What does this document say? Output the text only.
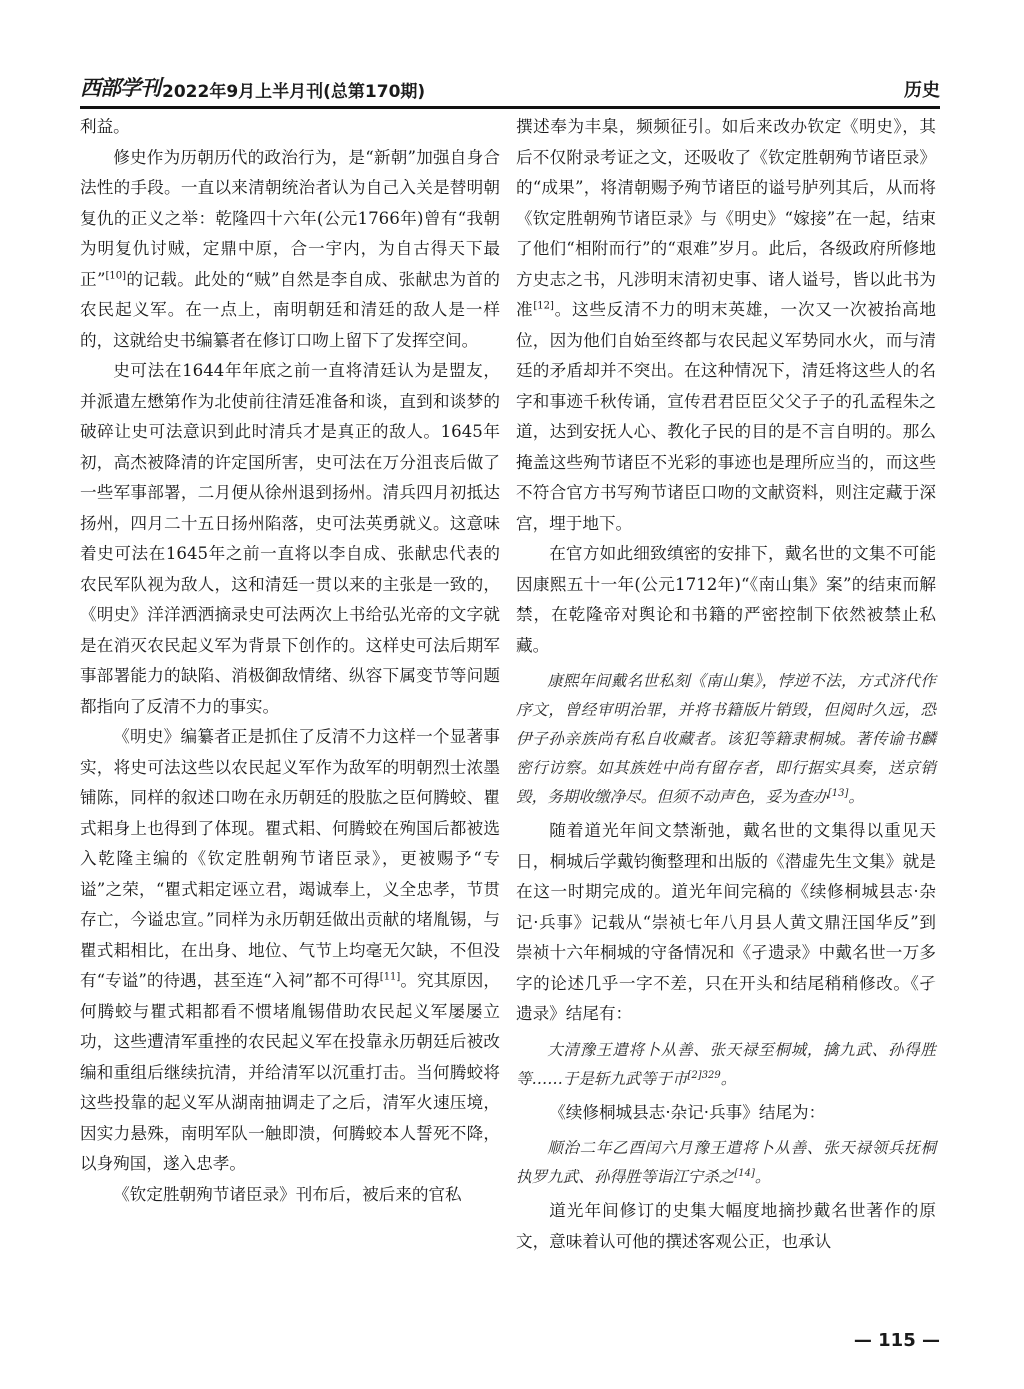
西部学刊 2022年9月上半月刊(总第170期)	历史

利益。

修史作为历朝历代的政治行为，是“新朝”加强自身合法性的手段。一直以来清朝统治者认为自己入关是替明朝复仇的正义之举：乾隆四十六年(公元1766年)曾有“我朝为明复仇讨贼，定鼎中原，合一宇内，为自古得天下最正”[10]的记载。此处的“贼”自然是李自成、张献忠为首的农民起义军。在一点上，南明朝廷和清廷的敌人是一样的，这就给史书编纂者在修订口吻上留下了发挥空间。

史可法在1644年年底之前一直将清廷认为是盟友，并派遣左懋第作为北使前往清廷准备和谈，直到和谈梦的破碎让史可法意识到此时清兵才是真正的敌人。1645年初，高杰被降清的许定国所害，史可法在万分沮丧后做了一些军事部署，二月便从徐州退到扬州。清兵四月初抵达扬州，四月二十五日扬州陷落，史可法英勇就义。这意味着史可法在1645年之前一直将以李自成、张献忠代表的农民军队视为敌人，这和清廷一贯以来的主张是一致的，《明史》洋洋洒洒摘录史可法两次上书给弘光帝的文字就是在消灭农民起义军为背景下创作的。这样史可法后期军事部署能力的缺陷、消极御敌情绪、纵容下属变节等问题都指向了反清不力的事实。

《明史》编纂者正是抓住了反清不力这样一个显著事实，将史可法这些以农民起义军作为敌军的明朝烈士浓墨铺陈，同样的叙述口吻在永历朝廷的股肱之臣何腾蛟、瞿式耜身上也得到了体现。瞿式耜、何腾蛟在殉国后都被选入乾隆主编的《钦定胜朝殉节诸臣录》，更被赐予“专谥”之荣，“瞿式耜定诬立君，竭诚奉上，义全忠孝，节贯存亡，今谥忠宣。”同样为永历朝廷做出贡献的堵胤锡，与瞿式耜相比，在出身、地位、气节上均毫无欠缺，不但没有“专谥”的待遇，甚至连“入祠”都不可得[11]。究其原因，何腾蛟与瞿式耜都看不惯堵胤锡借助农民起义军屡屡立功，这些遭清军重挫的农民起义军在投靠永历朝廷后被改编和重组后继续抗清，并给清军以沉重打击。当何腾蛟将这些投靠的起义军从湖南抽调走了之后，清军火速压境，因实力悬殊，南明军队一触即溃，何腾蛟本人誓死不降，以身殉国，遂入忠孝。

《钦定胜朝殉节诸臣录》刊布后，被后来的官私

撰述奉为丰臬，频频征引。如后来改办钦定《明史》，其后不仅附录考证之文，还吸收了《钦定胜朝殉节诸臣录》的“成果”，将清朝赐予殉节诸臣的谥号胪列其后，从而将《钦定胜朝殉节诸臣录》与《明史》“嫁接”在一起，结束了他们“相附而行”的“艰难”岁月。此后，各级政府所修地方史志之书，凡涉明末清初史事、诸人谥号，皆以此书为准[12]。这些反清不力的明末英雄，一次又一次被抬高地位，因为他们自始至终都与农民起义军势同水火，而与清廷的矛盾却并不突出。在这种情况下，清廷将这些人的名字和事迹千秋传诵，宣传君君臣臣父父子子的孔孟程朱之道，达到安抚人心、教化子民的目的是不言自明的。那么掩盖这些殉节诸臣不光彩的事迹也是理所应当的，而这些不符合官方书写殉节诸臣口吻的文献资料，则注定藏于深宫，埋于地下。

在官方如此细致缜密的安排下，戴名世的文集不可能因康熙五十一年(公元1712年)“《南山集》案”的结束而解禁，在乾隆帝对舆论和书籍的严密控制下依然被禁止私藏。

康熙年间戴名世私刻《南山集》，悖逆不法，方式济代作序文，曾经审明治罪，并将书籍版片销毁，但阅时久远，恐伊子孙亲族尚有私自收藏者。该犯等籍隶桐城。著传谕书麟密行访察。如其族姓中尚有留存者，即行据实具奏，送京销毁，务期收缴净尽。但须不动声色，妥为查办[13]。

随着道光年间文禁渐弛，戴名世的文集得以重见天日，桐城后学戴钧衡整理和出版的《潜虚先生文集》就是在这一时期完成的。道光年间完稿的《续修桐城县志·杂记·兵事》记载从“崇祯七年八月县人黄文鼎汪国华反”到崇祯十六年桐城的守备情况和《孑遗录》中戴名世一万多字的论述几乎一字不差，只在开头和结尾稍稍修改。《孑遗录》结尾有：

大清豫王遣将卜从善、张天禄至桐城，擒九武、孙得胜等……于是斩九武等于市$^{[2]329}$。

《续修桐城县志·杂记·兵事》结尾为：

顺治二年乙酉闰六月豫王遣将卜从善、张天禄领兵抚桐执罗九武、孙得胜等诣江宁杀之[14]。

道光年间修订的史集大幅度地摘抄戴名世著作的原文，意味着认可他的撰述客观公正，也承认

— 115 —
